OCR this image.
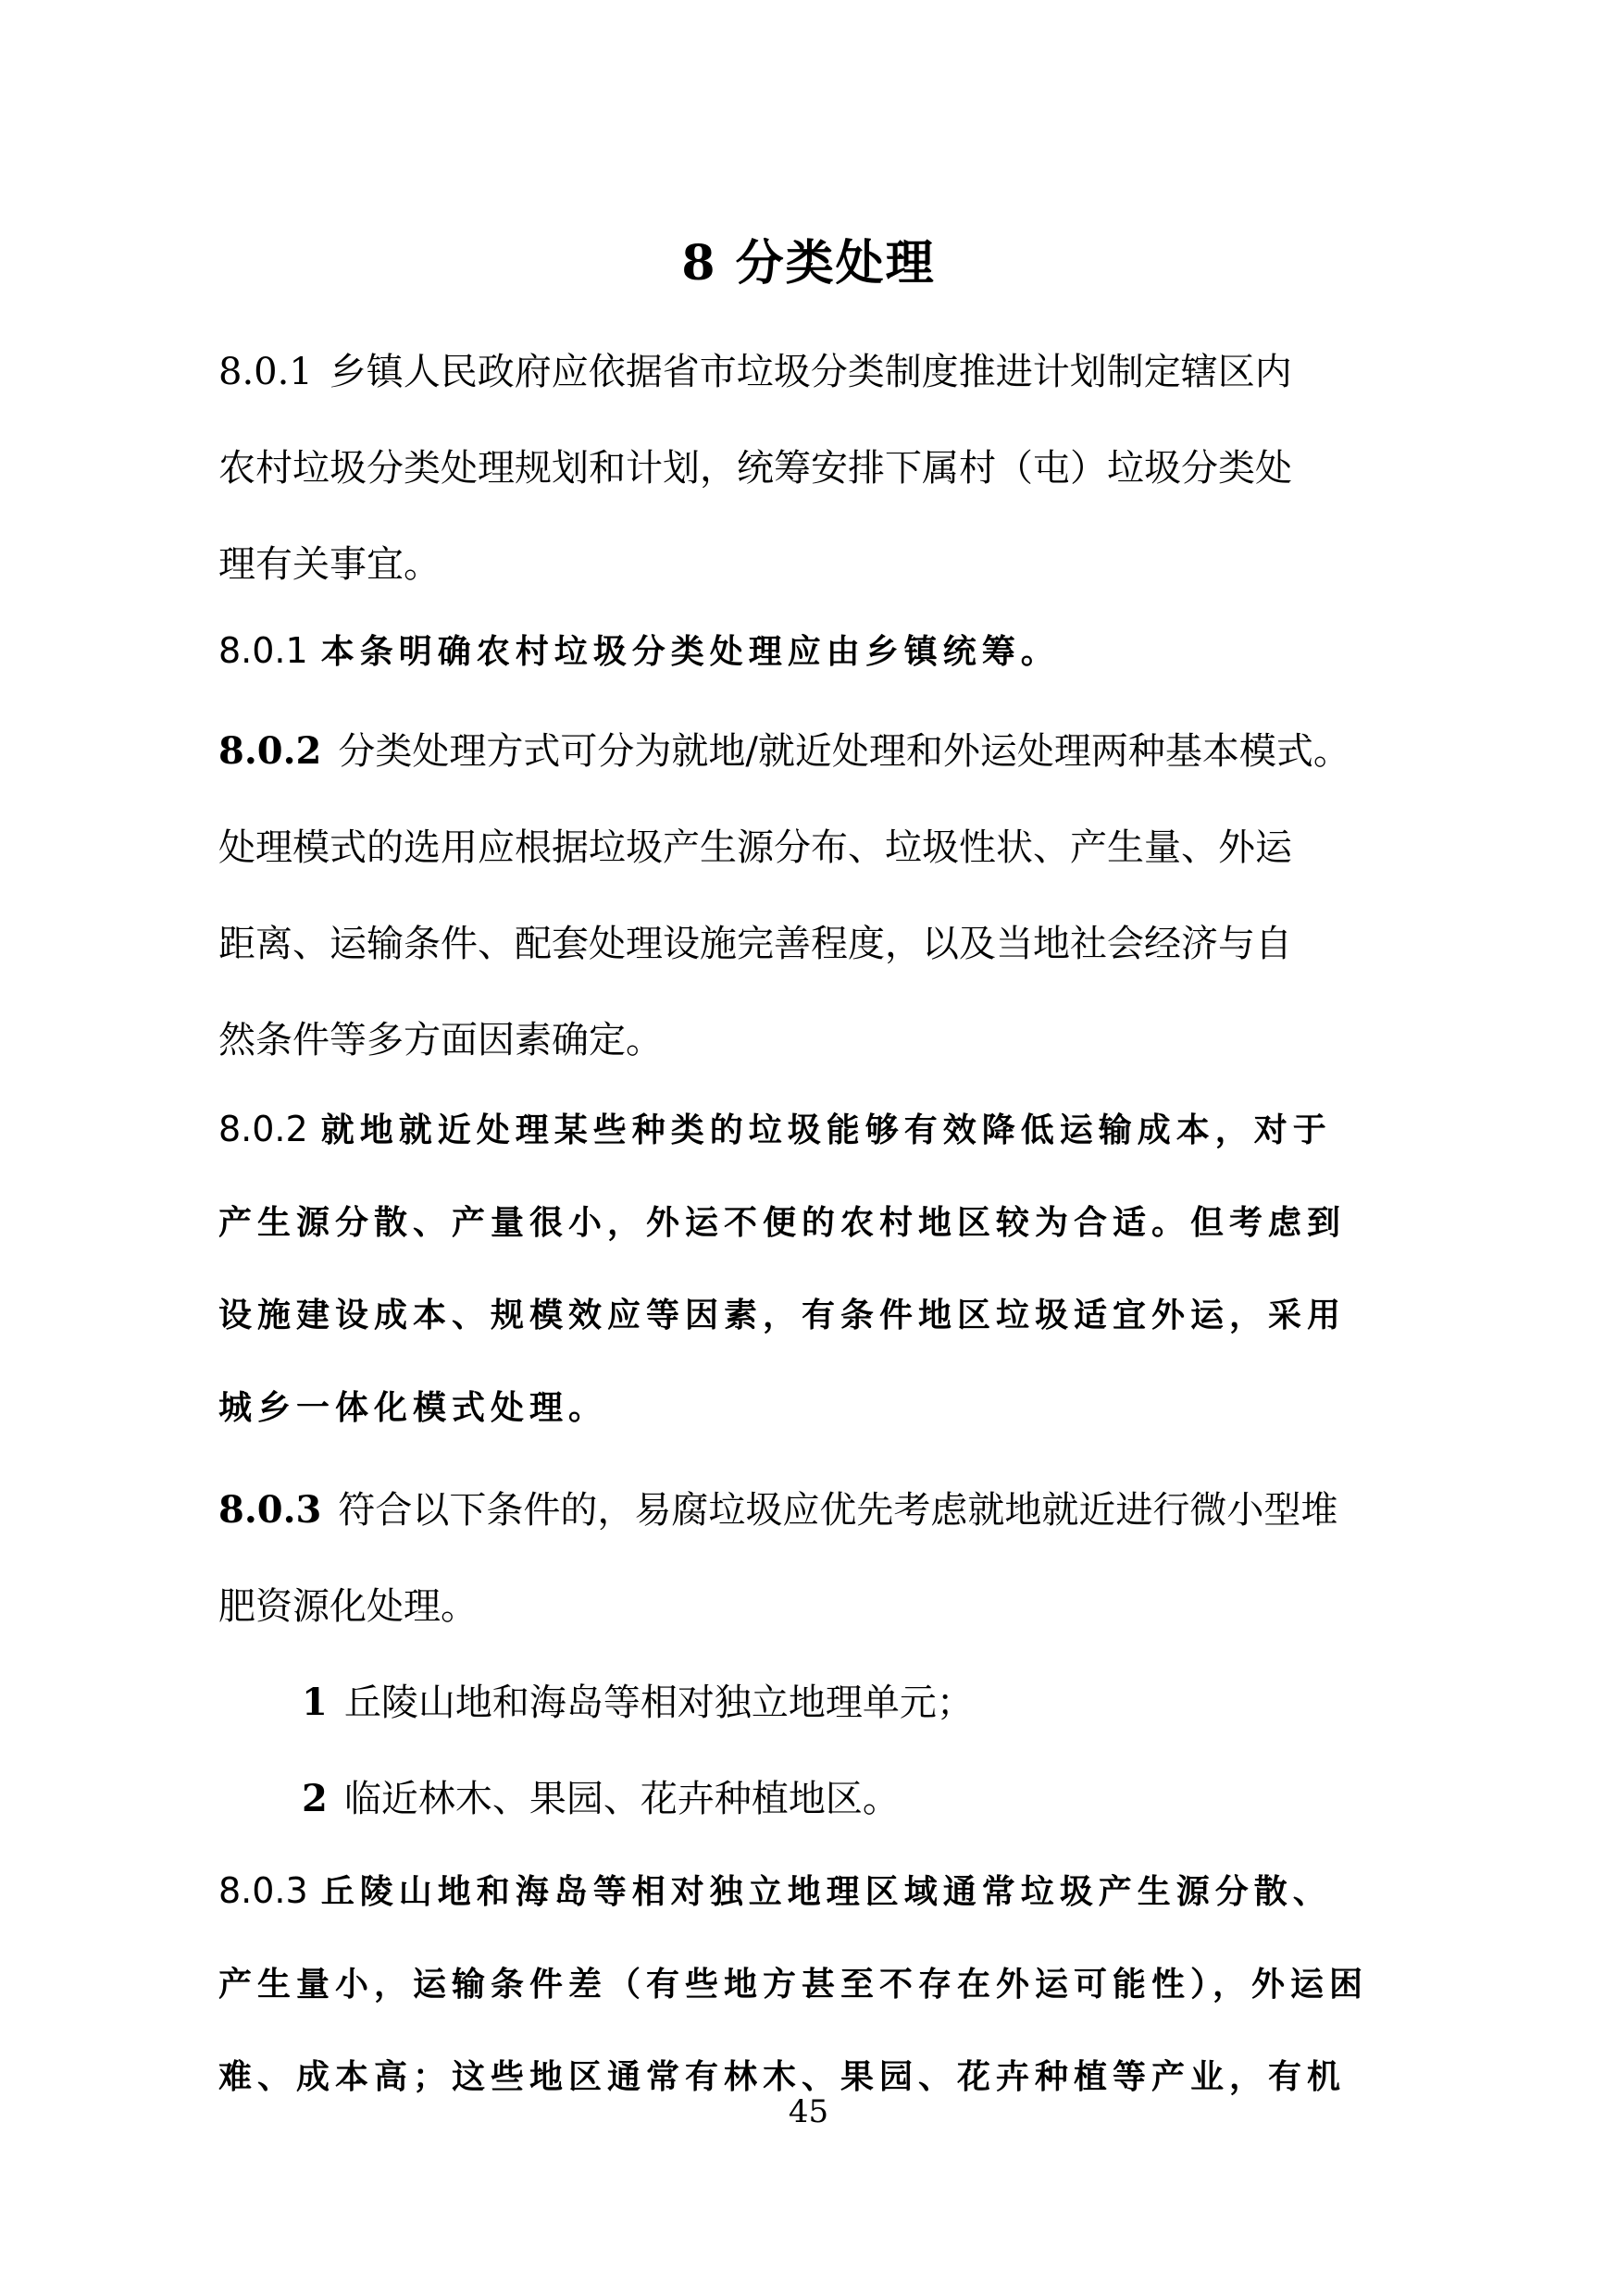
8 分类处理
8.0.1 乡镇人民政府应依据省市垃圾分类制度推进计划制定辖区内
农村垃圾分类处理规划和计划，统筹安排下属村（屯）垃圾分类处
理有关事宜。
8.0.1 本条明确农村垃圾分类处理应由乡镇统筹。
8.0.2 分类处理方式可分为就地/就近处理和外运处理两种基本模式。
处理模式的选用应根据垃圾产生源分布、垃圾性状、产生量、外运
距离、运输条件、配套处理设施完善程度，以及当地社会经济与自
然条件等多方面因素确定。
8.0.2 就地就近处理某些种类的垃圾能够有效降低运输成本，对于
产生源分散、产量很小，外运不便的农村地区较为合适。但考虑到
设施建设成本、规模效应等因素，有条件地区垃圾适宜外运，采用
城乡一体化模式处理。
8.0.3 符合以下条件的，易腐垃圾应优先考虑就地就近进行微小型堆
肥资源化处理。
1 丘陵山地和海岛等相对独立地理单元；
2 临近林木、果园、花卉种植地区。
8.0.3 丘陵山地和海岛等相对独立地理区域通常垃圾产生源分散、
产生量小，运输条件差（有些地方甚至不存在外运可能性），外运困
难、成本高；这些地区通常有林木、果园、花卉种植等产业，有机
45
